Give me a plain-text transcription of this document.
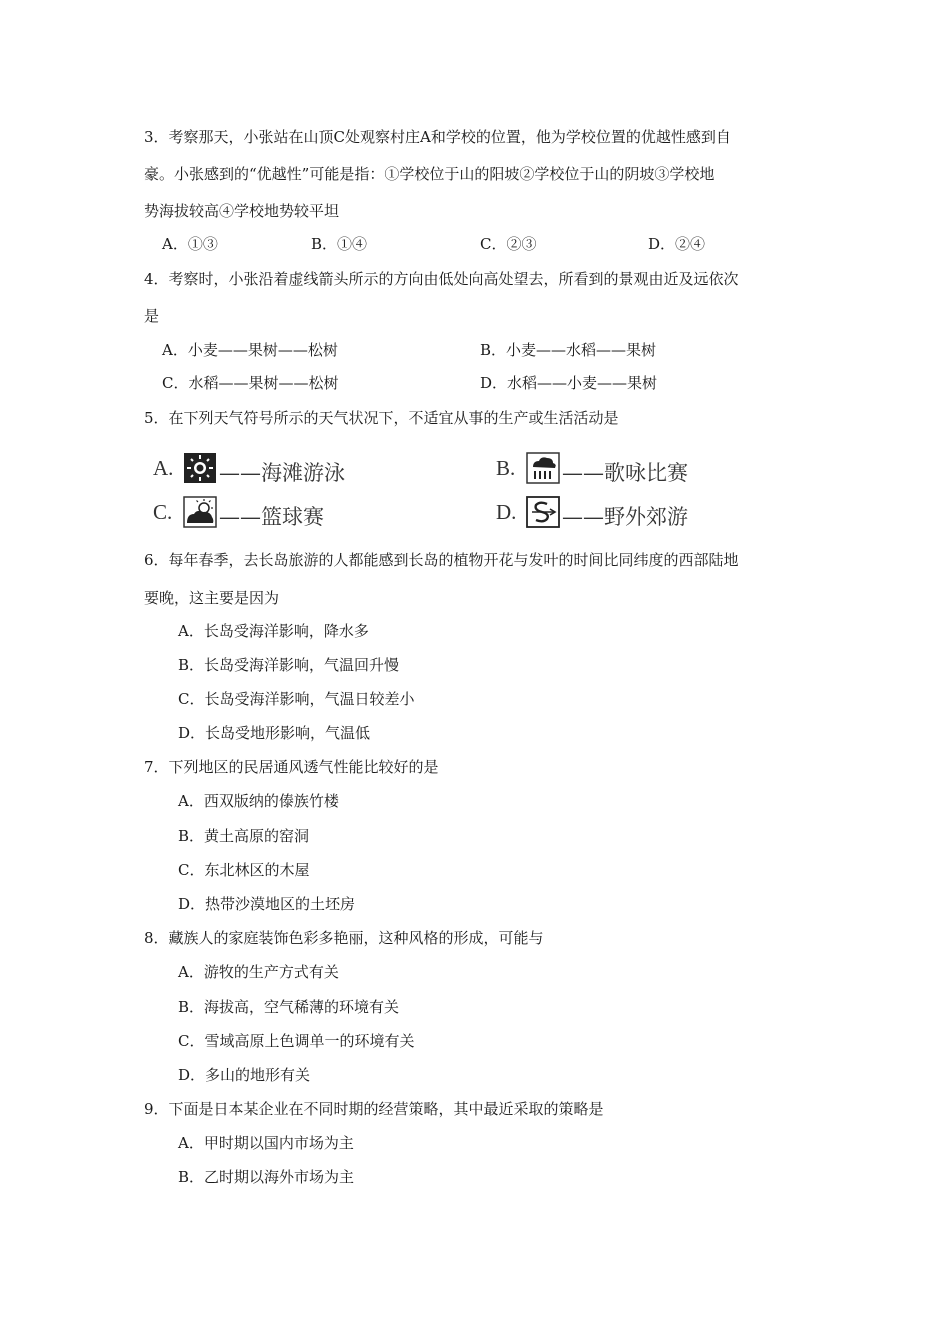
3．考察那天，小张站在山顶C处观察村庄A和学校的位置，他为学校位置的优越性感到自
豪。小张感到的“优越性”可能是指：①学校位于山的阳坡②学校位于山的阴坡③学校地
势海拔较高④学校地势较平坦
A．①③	B．①④	C．②③	D．②④
4．考察时，小张沿着虚线箭头所示的方向由低处向高处望去，所看到的景观由近及远依次
是
A．小麦——果树——松树	B．小麦——水稻——果树
C．水稻——果树——松树	D．水稻——小麦——果树
5．在下列天气符号所示的天气状况下，不适宜从事的生产或生活活动是
A. ——海滩游泳	B. ——歌咏比赛
C. ——篮球赛	D. ——野外郊游
6．每年春季，去长岛旅游的人都能感到长岛的植物开花与发叶的时间比同纬度的西部陆地
要晚，这主要是因为
A．长岛受海洋影响，降水多
B．长岛受海洋影响，气温回升慢
C．长岛受海洋影响，气温日较差小
D．长岛受地形影响，气温低
7．下列地区的民居通风透气性能比较好的是
A．西双版纳的傣族竹楼
B．黄土高原的窑洞
C．东北林区的木屋
D．热带沙漠地区的土坯房
8．藏族人的家庭装饰色彩多艳丽，这种风格的形成，可能与
A．游牧的生产方式有关
B．海拔高，空气稀薄的环境有关
C．雪域高原上色调单一的环境有关
D．多山的地形有关
9．下面是日本某企业在不同时期的经营策略，其中最近采取的策略是
A．甲时期以国内市场为主
B．乙时期以海外市场为主
